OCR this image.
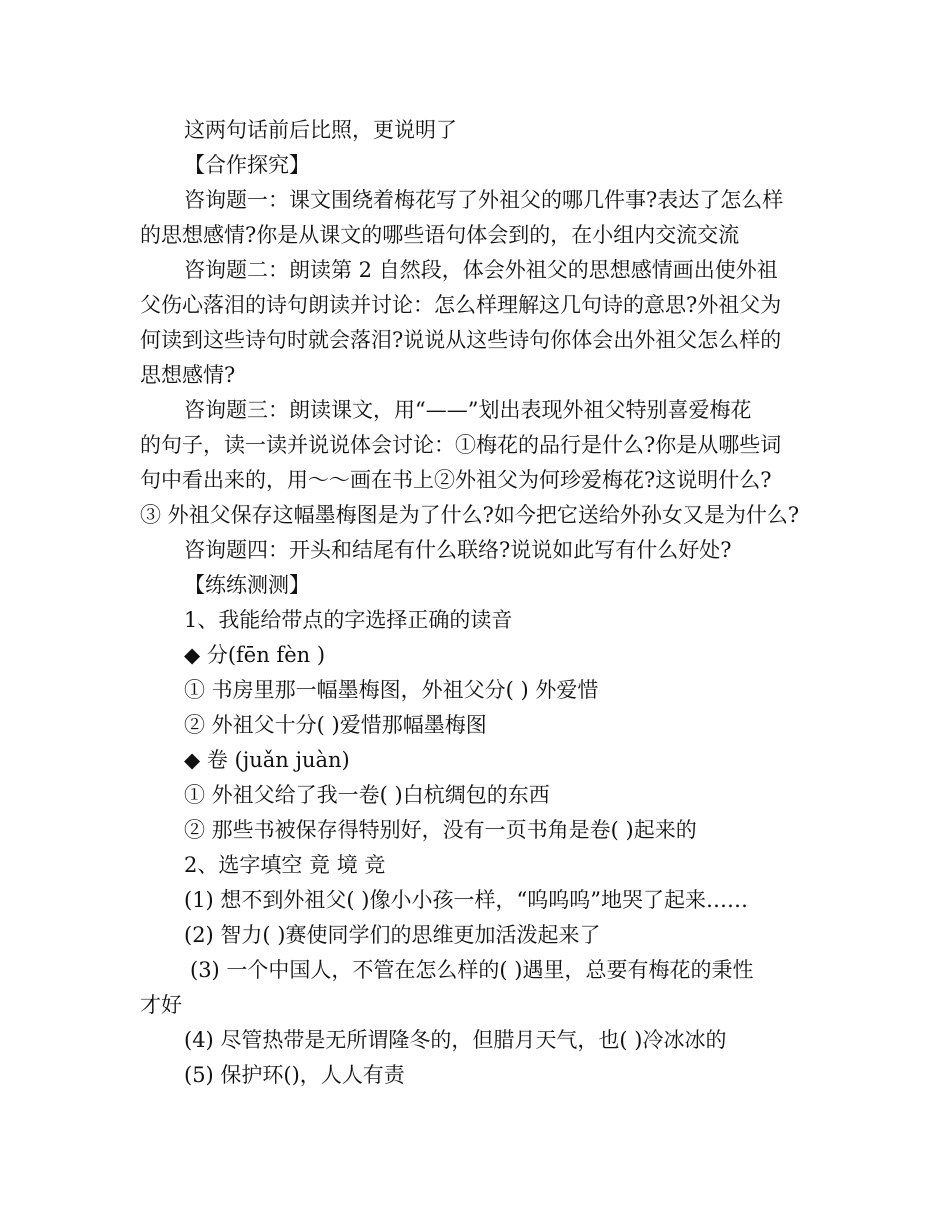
这两句话前后比照，更说明了
【合作探究】
咨询题一：课文围绕着梅花写了外祖父的哪几件事?表达了怎么样
的思想感情?你是从课文的哪些语句体会到的，在小组内交流交流
咨询题二：朗读第 2 自然段，体会外祖父的思想感情画出使外祖
父伤心落泪的诗句朗读并讨论：怎么样理解这几句诗的意思?外祖父为
何读到这些诗句时就会落泪?说说从这些诗句你体会出外祖父怎么样的
思想感情?
咨询题三：朗读课文，用“——”划出表现外祖父特别喜爱梅花
的句子，读一读并说说体会讨论：①梅花的品行是什么?你是从哪些词
句中看出来的，用～～画在书上②外祖父为何珍爱梅花?这说明什么?
③ 外祖父保存这幅墨梅图是为了什么?如今把它送给外孙女又是为什么?
咨询题四：开头和结尾有什么联络?说说如此写有什么好处?
【练练测测】
1、我能给带点的字选择正确的读音
◆ 分(fēn fèn )
① 书房里那一幅墨梅图，外祖父分( ) 外爱惜
② 外祖父十分( )爱惜那幅墨梅图
◆ 卷 (juǎn juàn)
① 外祖父给了我一卷( )白杭绸包的东西
② 那些书被保存得特别好，没有一页书角是卷( )起来的
2、选字填空 竟 境 竞
(1) 想不到外祖父( )像小小孩一样，“呜呜呜”地哭了起来……
(2) 智力( )赛使同学们的思维更加活泼起来了
(3) 一个中国人，不管在怎么样的( )遇里，总要有梅花的秉性
才好
(4) 尽管热带是无所谓隆冬的，但腊月天气，也( )冷冰冰的
(5) 保护环()，人人有责
